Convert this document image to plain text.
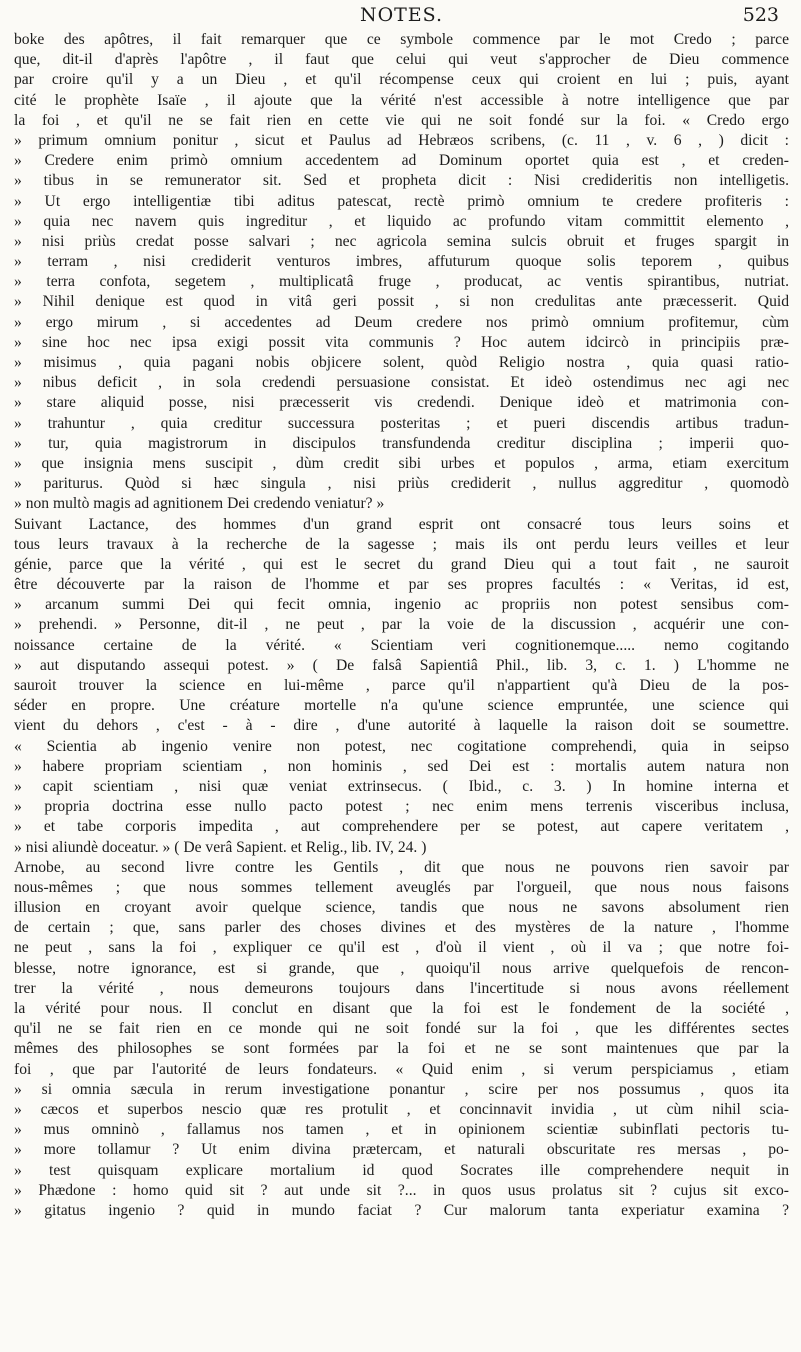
NOTES.	523
boke des apôtres, il fait remarquer que ce symbole commence par le mot Credo ; parce
que, dit-il d'après l'apôtre , il faut que celui qui veut s'approcher de Dieu commence
par croire qu'il y a un Dieu , et qu'il récompense ceux qui croient en lui ; puis, ayant
cité le prophète Isaïe , il ajoute que la vérité n'est accessible à notre intelligence que par
la foi , et qu'il ne se fait rien en cette vie qui ne soit fondé sur la foi. « Credo ergo
» primum omnium ponitur , sicut et Paulus ad Hebræos scribens, (c. 11 , v. 6 , ) dicit :
» Credere enim primò omnium accedentem ad Dominum oportet quia est , et creden-
» tibus in se remunerator sit. Sed et propheta dicit : Nisi credideritis non intelligetis.
» Ut ergo intelligentiæ tibi aditus patescat, rectè primò omnium te credere profiteris :
» quia nec navem quis ingreditur , et liquido ac profundo vitam committit elemento ,
» nisi priùs credat posse salvari ; nec agricola semina sulcis obruit et fruges spargit in
» terram , nisi crediderit venturos imbres, affuturum quoque solis teporem , quibus
» terra confota, segetem , multiplicatâ fruge , producat, ac ventis spirantibus, nutriat.
» Nihil denique est quod in vitâ geri possit , si non credulitas ante præcesserit. Quid
» ergo mirum , si accedentes ad Deum credere nos primò omnium profitemur, cùm
» sine hoc nec ipsa exigi possit vita communis ? Hoc autem idcircò in principiis præ-
» misimus , quia pagani nobis objicere solent, quòd Religio nostra , quia quasi ratio-
» nibus deficit , in sola credendi persuasione consistat. Et ideò ostendimus nec agi nec
» stare aliquid posse, nisi præcesserit vis credendi. Denique ideò et matrimonia con-
» trahuntur , quia creditur successura posteritas ; et pueri discendis artibus tradun-
» tur, quia magistrorum in discipulos transfundenda creditur disciplina ; imperii quo-
» que insignia mens suscipit , dùm credit sibi urbes et populos , arma, etiam exercitum
» pariturus. Quòd si hæc singula , nisi priùs crediderit , nullus aggreditur , quomodò
» non multò magis ad agnitionem Dei credendo veniatur? »
Suivant Lactance, des hommes d'un grand esprit ont consacré tous leurs soins et
tous leurs travaux à la recherche de la sagesse ; mais ils ont perdu leurs veilles et leur
génie, parce que la vérité , qui est le secret du grand Dieu qui a tout fait , ne sauroit
être découverte par la raison de l'homme et par ses propres facultés : « Veritas, id est,
» arcanum summi Dei qui fecit omnia, ingenio ac propriis non potest sensibus com-
» prehendi. » Personne, dit-il , ne peut , par la voie de la discussion , acquérir une con-
noissance certaine de la vérité. « Scientiam veri cognitionemque..... nemo cogitando
» aut disputando assequi potest. » ( De falsâ Sapientiâ Phil., lib. 3, c. 1. ) L'homme ne
sauroit trouver la science en lui-même , parce qu'il n'appartient qu'à Dieu de la pos-
séder en propre. Une créature mortelle n'a qu'une science empruntée, une science qui
vient du dehors , c'est - à - dire , d'une autorité à laquelle la raison doit se soumettre.
« Scientia ab ingenio venire non potest, nec cogitatione comprehendi, quia in seipso
» habere propriam scientiam , non hominis , sed Dei est : mortalis autem natura non
» capit scientiam , nisi quæ veniat extrinsecus. ( Ibid., c. 3. ) In homine interna et
» propria doctrina esse nullo pacto potest ; nec enim mens terrenis visceribus inclusa,
» et tabe corporis impedita , aut comprehendere per se potest, aut capere veritatem ,
» nisi aliundè doceatur. » ( De verâ Sapient. et Relig., lib. IV, 24. )
Arnobe, au second livre contre les Gentils , dit que nous ne pouvons rien savoir par
nous-mêmes ; que nous sommes tellement aveuglés par l'orgueil, que nous nous faisons
illusion en croyant avoir quelque science, tandis que nous ne savons absolument rien
de certain ; que, sans parler des choses divines et des mystères de la nature , l'homme
ne peut , sans la foi , expliquer ce qu'il est , d'où il vient , où il va ; que notre foi-
blesse, notre ignorance, est si grande, que , quoiqu'il nous arrive quelquefois de rencon-
trer la vérité , nous demeurons toujours dans l'incertitude si nous avons réellement
la vérité pour nous. Il conclut en disant que la foi est le fondement de la société ,
qu'il ne se fait rien en ce monde qui ne soit fondé sur la foi , que les différentes sectes
mêmes des philosophes se sont formées par la foi et ne se sont maintenues que par la
foi , que par l'autorité de leurs fondateurs. « Quid enim , si verum perspiciamus , etiam
» si omnia sæcula in rerum investigatione ponantur , scire per nos possumus , quos ita
» cæcos et superbos nescio quæ res protulit , et concinnavit invidia , ut cùm nihil scia-
» mus omninò , fallamus nos tamen , et in opinionem scientiæ subinflati pectoris tu-
» more tollamur ? Ut enim divina prætercam, et naturali obscuritate res mersas , po-
» test quisquam explicare mortalium id quod Socrates ille comprehendere nequit in
» Phædone : homo quid sit ? aut unde sit ?... in quos usus prolatus sit ? cujus sit exco-
» gitatus ingenio ? quid in mundo faciat ? Cur malorum tanta experiatur examina ?
